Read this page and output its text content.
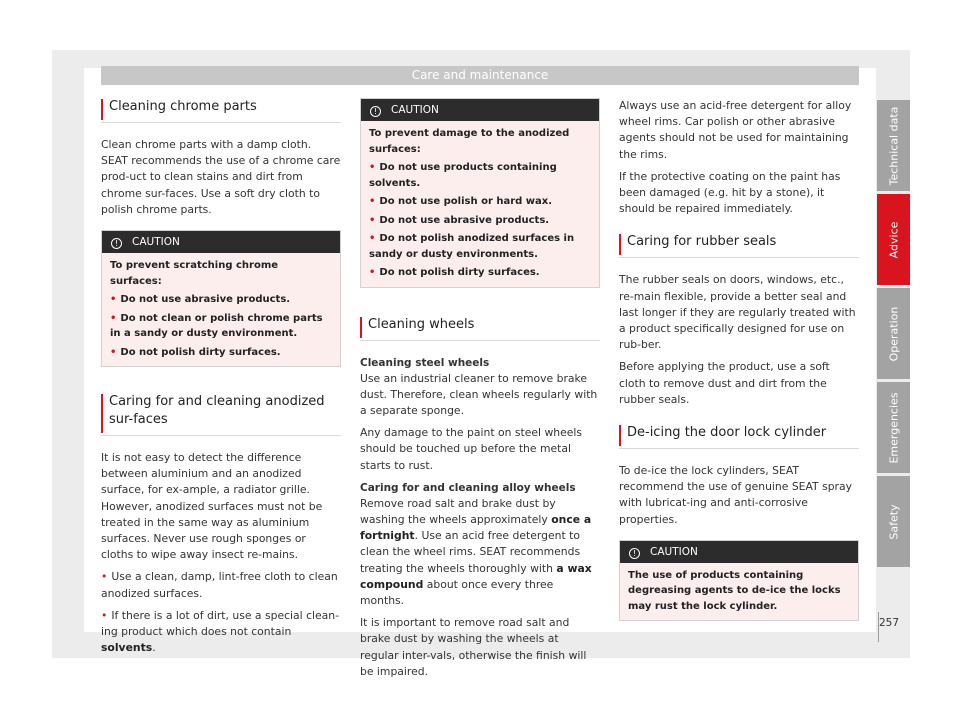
Care and maintenance
Cleaning chrome parts
Clean chrome parts with a damp cloth. SEAT recommends the use of a chrome care prod-uct to clean stains and dirt from chrome sur-faces. Use a soft dry cloth to polish chrome parts.
! CAUTION
To prevent scratching chrome surfaces:
• Do not use abrasive products.
• Do not clean or polish chrome parts in a sandy or dusty environment.
• Do not polish dirty surfaces.
Caring for and cleaning anodized sur-faces
It is not easy to detect the difference between aluminium and an anodized surface, for ex-ample, a radiator grille. However, anodized surfaces must not be treated in the same way as aluminium surfaces. Never use rough sponges or cloths to wipe away insect re-mains.
• Use a clean, damp, lint-free cloth to clean anodized surfaces.
• If there is a lot of dirt, use a special clean-ing product which does not contain solvents.
! CAUTION
To prevent damage to the anodized surfaces:
• Do not use products containing solvents.
• Do not use polish or hard wax.
• Do not use abrasive products.
• Do not polish anodized surfaces in sandy or dusty environments.
• Do not polish dirty surfaces.
Cleaning wheels
Cleaning steel wheels
Use an industrial cleaner to remove brake dust. Therefore, clean wheels regularly with a separate sponge.
Any damage to the paint on steel wheels should be touched up before the metal starts to rust.
Caring for and cleaning alloy wheels
Remove road salt and brake dust by washing the wheels approximately once a fortnight. Use an acid free detergent to clean the wheel rims. SEAT recommends treating the wheels thoroughly with a wax compound about once every three months.
It is important to remove road salt and brake dust by washing the wheels at regular inter-vals, otherwise the finish will be impaired.
Always use an acid-free detergent for alloy wheel rims. Car polish or other abrasive agents should not be used for maintaining the rims.
If the protective coating on the paint has been damaged (e.g. hit by a stone), it should be repaired immediately.
Caring for rubber seals
The rubber seals on doors, windows, etc., re-main flexible, provide a better seal and last longer if they are regularly treated with a product specifically designed for use on rub-ber.
Before applying the product, use a soft cloth to remove dust and dirt from the rubber seals.
De-icing the door lock cylinder
To de-ice the lock cylinders, SEAT recommend the use of genuine SEAT spray with lubricat-ing and anti-corrosive properties.
! CAUTION
The use of products containing degreasing agents to de-ice the locks may rust the lock cylinder.
Technical data
Advice
Operation
Emergencies
Safety
257
